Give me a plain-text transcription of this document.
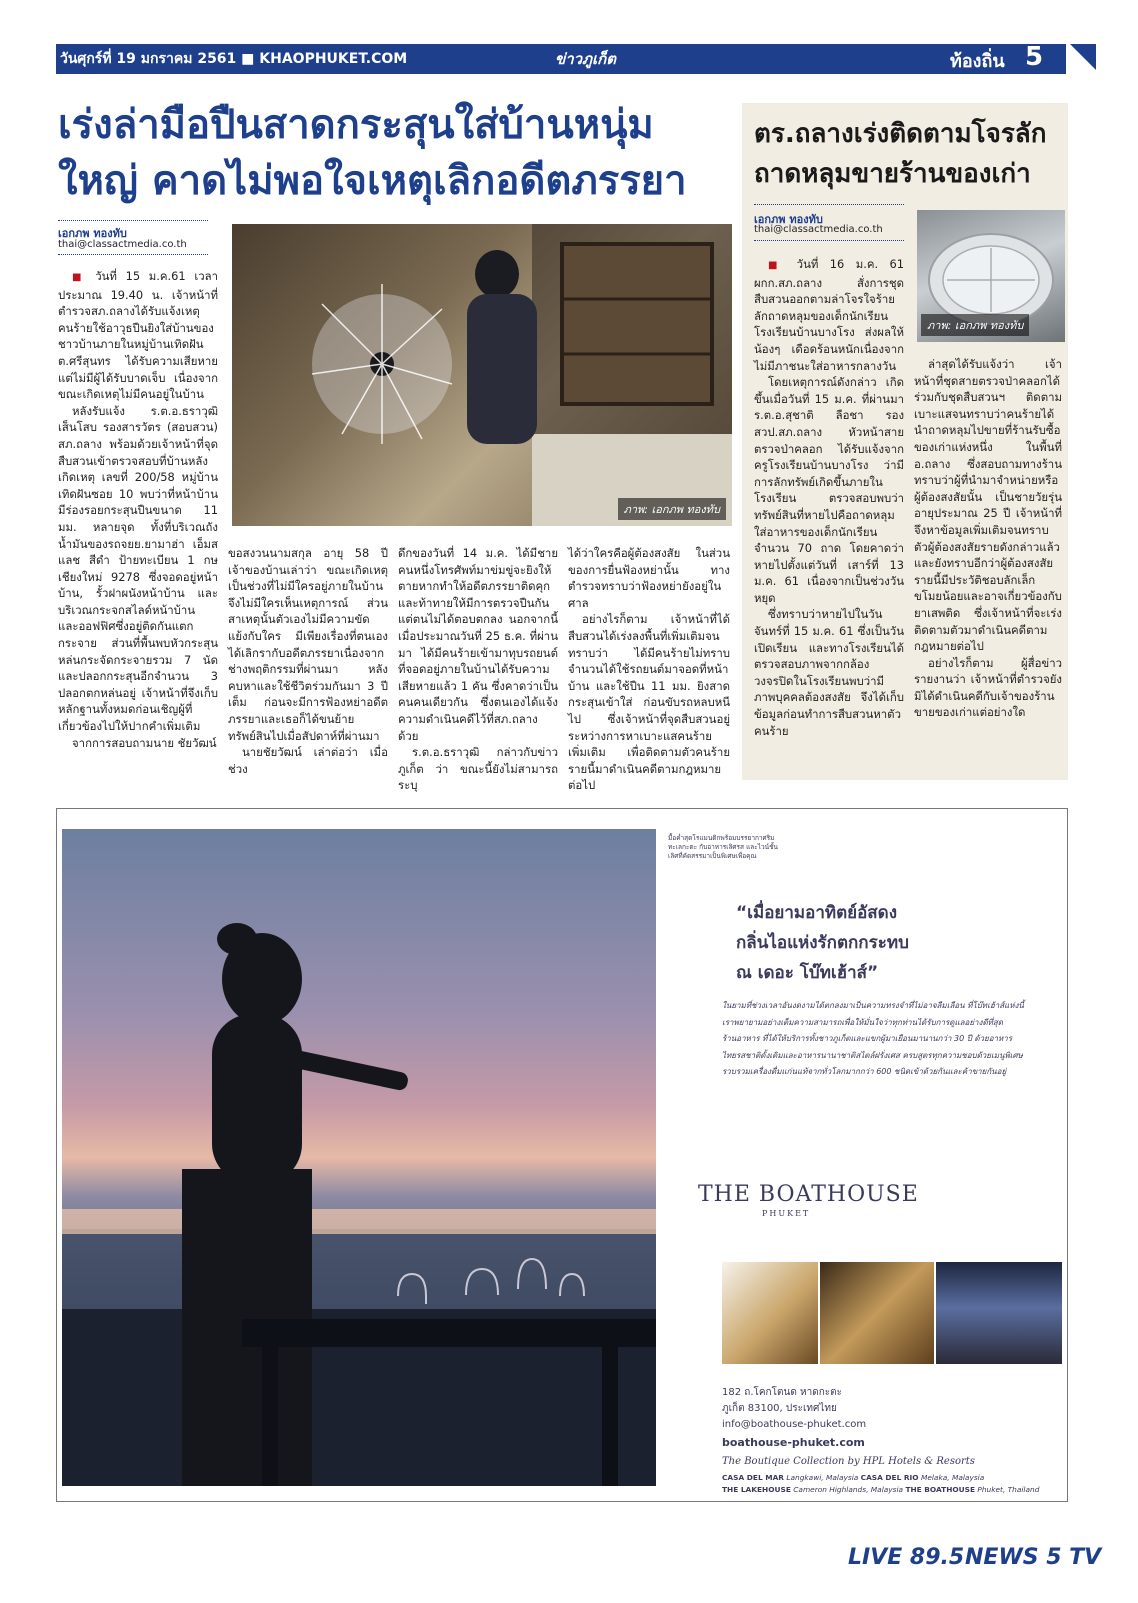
วันศุกร์ที่ 19 มกราคม 2561 ■ KHAOPHUKET.COM	ข่าวภูเก็ต	ท้องถิ่น 5
เร่งล่ามือปืนสาดกระสุนใส่บ้านหนุ่ม
ใหญ่ คาดไม่พอใจเหตุเลิกอดีตภรรยา
เอกภพ ทองทับ
thai@classactmedia.co.th
ภาพ: เอกภพ ทองทับ

■ วันที่ 15 ม.ค.61 เวลาประมาณ 19.40 น. เจ้าหน้าที่ตำรวจสภ.ถลางได้รับแจ้งเหตุคนร้ายใช้อาวุธปืนยิงใส่บ้านของชาวบ้านภายในหมู่บ้านเทิดฝัน ต.ศรีสุนทร ได้รับความเสียหาย แต่ไม่มีผู้ได้รับบาดเจ็บ เนื่องจากขณะเกิดเหตุไม่มีคนอยู่ในบ้าน

หลังรับแจ้ง ร.ต.อ.ธราวุฒิ เส็นโสบ รองสารวัตร (สอบสวน) สภ.ถลาง พร้อมด้วยเจ้าหน้าที่จุดสืบสวนเข้าตรวจสอบที่บ้านหลังเกิดเหตุ เลขที่ 200/58 หมู่บ้านเทิดฝันซอย 10 พบว่าที่หน้าบ้านมีร่องรอยกระสุนปืนขนาด 11 มม. หลายจุด ทั้งที่บริเวณถังน้ำมันของรถจยย.ยามาฮ่า เอ็มสแลช สีดำ ป้ายทะเบียน 1 กษ เชียงใหม่ 9278 ซึ่งจอดอยู่หน้าบ้าน, รั้วฝาผนังหน้าบ้าน และบริเวณกระจกสไลด์หน้าบ้าน และออฟฟิศซึ่งอยู่ติดกันแตกกระจาย ส่วนที่พื้นพบหัวกระสุนหล่นกระจัดกระจายรวม 7 นัด และปลอกกระสุนอีกจำนวน 3 ปลอกตกหล่นอยู่ เจ้าหน้าที่จึงเก็บหลักฐานทั้งหมดก่อนเชิญผู้ที่เกี่ยวข้องไปให้ปากคำเพิ่มเติม

จากการสอบถามนาย ชัยวัฒน์

ขอสงวนนามสกุล อายุ 58 ปี เจ้าของบ้านเล่าว่า ขณะเกิดเหตุเป็นช่วงที่ไม่มีใครอยู่ภายในบ้าน จึงไม่มีใครเห็นเหตุการณ์ ส่วนสาเหตุนั้นตัวเองไม่มีความขัดแย้งกับใคร มีเพียงเรื่องที่ตนเองได้เลิกรากับอดีตภรรยาเนื่องจากช่างพฤติกรรมที่ผ่านมา หลังคบหาและใช้ชีวิตร่วมกันมา 3 ปีเต็ม ก่อนจะมีการฟ้องหย่าอดีตภรรยาและเธอก็ได้ขนย้ายทรัพย์สินไปเมื่อสัปดาห์ที่ผ่านมา

นายชัยวัฒน์ เล่าต่อว่า เมื่อช่วง

ดึกของวันที่ 14 ม.ค. ได้มีชายคนหนึ่งโทรศัพท์มาข่มขู่จะยิงให้ตายหากทำให้อดีตภรรยาติดคุก และท้าทายให้มีการตรวจปืนกัน แต่ตนไม่ได้ตอบตกลง นอกจากนี้เมื่อประมาณวันที่ 25 ธ.ค. ที่ผ่านมา ได้มีคนร้ายเข้ามาทุบรถยนต์ที่จอดอยู่ภายในบ้านได้รับความเสียหายแล้ว 1 คัน ซึ่งคาดว่าเป็นคนคนเดียวกัน ซึ่งตนเองได้แจ้งความดำเนินคดีไว้ที่สภ.ถลางด้วย

ร.ต.อ.ธราวุฒิ กล่าวกับข่าวภูเก็ต ว่า ขณะนี้ยังไม่สามารถระบุ

ได้ว่าใครคือผู้ต้องสงสัย ในส่วนของการยื่นฟ้องหย่านั้น ทางตำรวจทราบว่าฟ้องหย่ายังอยู่ในศาล

อย่างไรก็ตาม เจ้าหน้าที่ได้สืบสวนได้เร่งลงพื้นที่เพิ่มเติมจนทราบว่า ได้มีคนร้ายไม่ทราบจำนวนได้ใช้รถยนต์มาจอดที่หน้าบ้าน และใช้ปืน 11 มม. ยิงสาดกระสุนเข้าใส่ ก่อนขับรถหลบหนีไป ซึ่งเจ้าหน้าที่จุดสืบสวนอยู่ระหว่างการหาเบาะแสคนร้ายเพิ่มเติม เพื่อติดตามตัวคนร้ายรายนี้มาดำเนินคดีตามกฎหมายต่อไป

ตร.ถลางเร่งติดตามโจรลัก
ถาดหลุมขายร้านของเก่า
เอกภพ ทองทับ
thai@classactmedia.co.th
ภาพ: เอกภพ ทองทับ

■ วันที่ 16 ม.ค. 61 ผกก.สภ.ถลาง สั่งการชุดสืบสวนออกตามล่าโจรใจร้ายลักถาดหลุมของเด็กนักเรียนโรงเรียนบ้านบางโรง ส่งผลให้น้องๆ เดือดร้อนหนักเนื่องจากไม่มีภาชนะใส่อาหารกลางวัน

โดยเหตุการณ์ดังกล่าว เกิดขึ้นเมื่อวันที่ 15 ม.ค. ที่ผ่านมา ร.ต.อ.สุชาติ ลือชา รองสวป.สภ.ถลาง หัวหน้าสายตรวจป่าคลอก ได้รับแจ้งจากครูโรงเรียนบ้านบางโรง ว่ามีการลักทรัพย์เกิดขึ้นภายในโรงเรียน ตรวจสอบพบว่าทรัพย์สินที่หายไปคือถาดหลุมใส่อาหารของเด็กนักเรียนจำนวน 70 ถาด โดยคาดว่าหายไปตั้งแต่วันที่ เสาร์ที่ 13 ม.ค. 61 เนื่องจากเป็นช่วงวันหยุด

ซึ่งทราบว่าหายไปในวันจันทร์ที่ 15 ม.ค. 61 ซึ่งเป็นวันเปิดเรียน และทางโรงเรียนได้ตรวจสอบภาพจากกล้องวงจรปิดในโรงเรียนพบว่ามีภาพบุคคลต้องสงสัย จึงได้เก็บข้อมูลก่อนทำการสืบสวนหาตัวคนร้าย

ล่าสุดได้รับแจ้งว่า เจ้าหน้าที่ชุดสายตรวจป่าคลอกได้ร่วมกับชุดสืบสวนฯ ติดตามเบาะแสจนทราบว่าคนร้ายได้นำถาดหลุมไปขายที่ร้านรับซื้อของเก่าแห่งหนึ่ง ในพื้นที่ อ.ถลาง ซึ่งสอบถามทางร้านทราบว่าผู้ที่นำมาจำหน่ายหรือผู้ต้องสงสัยนั้น เป็นชายวัยรุ่นอายุประมาณ 25 ปี เจ้าหน้าที่จึงหาข้อมูลเพิ่มเติมจนทราบตัวผู้ต้องสงสัยรายดังกล่าวแล้ว และยังทราบอีกว่าผู้ต้องสงสัยรายนี้มีประวัติชอบลักเล็กขโมยน้อยและอาจเกี่ยวข้องกับยาเสพติด ซึ่งเจ้าหน้าที่จะเร่งติดตามตัวมาดำเนินคดีตามกฎหมายต่อไป

อย่างไรก็ตาม ผู้สื่อข่าวรายงานว่า เจ้าหน้าที่ตำรวจยังมิได้ดำเนินคดีกับเจ้าของร้านขายของเก่าแต่อย่างใด

มื้อค่ำสุดโรแมนติกพร้อมบรรยากาศริมทะเลกะตะ กับอาหารเลิศรส และไวน์ชั้นเลิศที่คัดสรรมาเป็นพิเศษเพื่อคุณ
“เมื่อยามอาทิตย์อัสดง
กลิ่นไอแห่งรักตกกระทบ
ณ เดอะ โบ๊ทเฮ้าส์”
ในยามที่ช่วงเวลาอันงดงามได้ตกลงมาเป็นความทรงจำที่ไม่อาจลืมเลือน ที่โบ๊ทเฮ้าส์แห่งนี้
เราพยายามอย่างเต็มความสามารถเพื่อให้มั่นใจว่าทุกท่านได้รับการดูแลอย่างดีที่สุด
ร้านอาหาร ที่ได้ให้บริการทั้งชาวภูเก็ตและแขกผู้มาเยือนมานานกว่า 30 ปี ด้วยอาหาร
ไทยรสชาติดั้งเดิมและอาหารนานาชาติสไตล์ฝรั่งเศส ครบสูตรทุกความชอบด้วยเมนูพิเศษ
รวบรวมเครื่องดื่มแก่นแท้จากทั่วโลกมากกว่า 600 ชนิดเข้าด้วยกันและค้าขายกันอยู่
THE BOATHOUSE
PHUKET
182 ถ.โคกโตนด หาดกะตะ
ภูเก็ต 83100, ประเทศไทย
info@boathouse-phuket.com
boathouse-phuket.com
The Boutique Collection by HPL Hotels & Resorts
CASA DEL MAR Langkawi, Malaysia CASA DEL RIO Melaka, Malaysia
THE LAKEHOUSE Cameron Highlands, Malaysia THE BOATHOUSE Phuket, Thailand
LIVE 89.5 NEWS 5 TV
